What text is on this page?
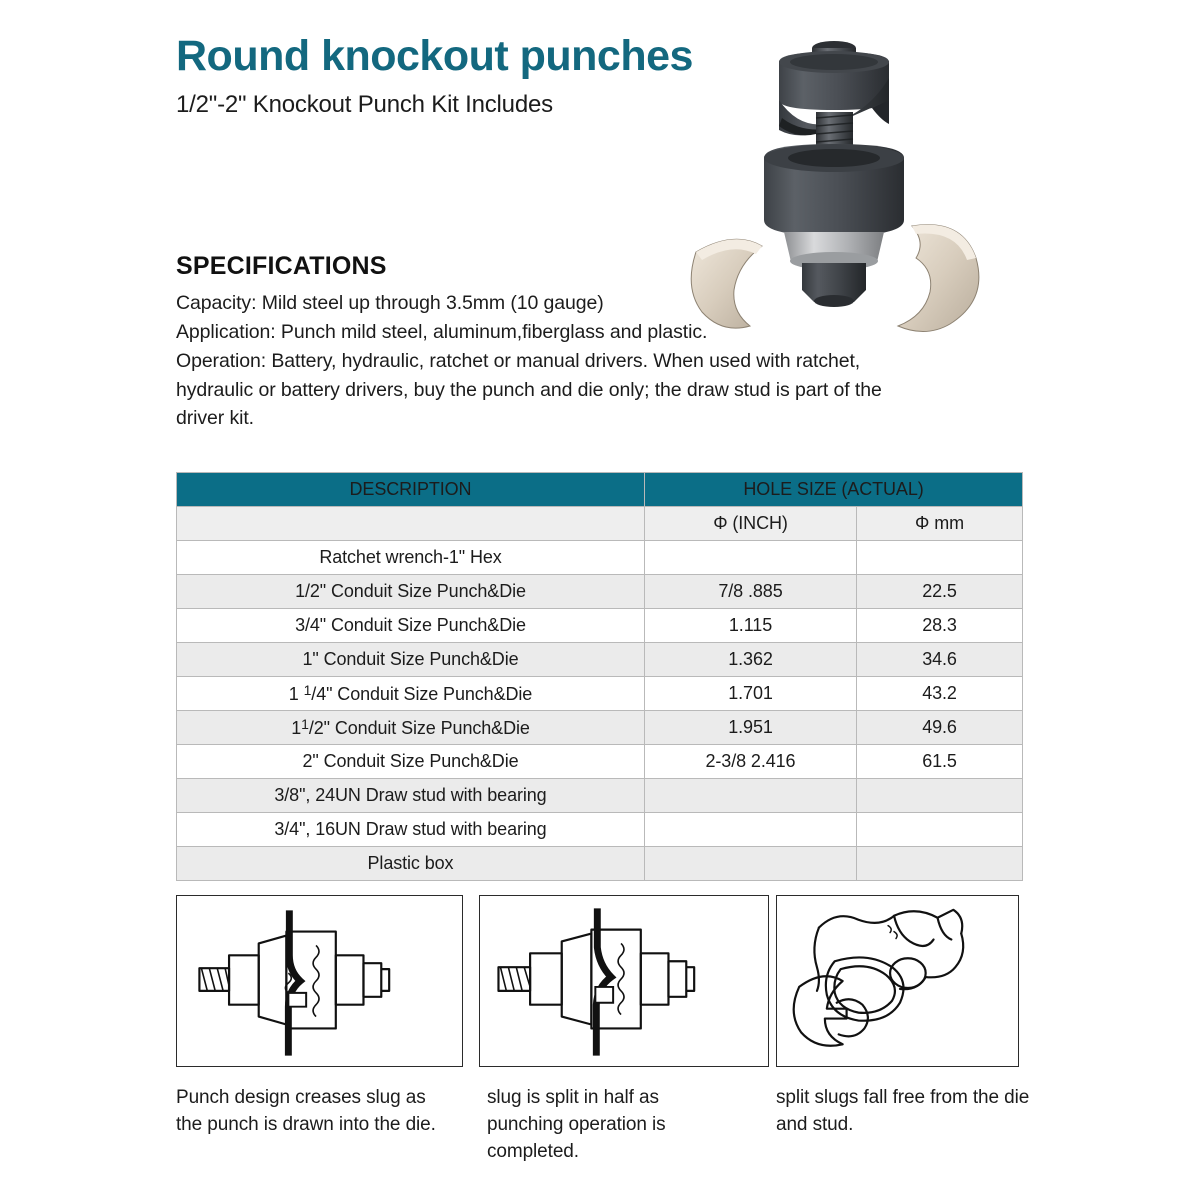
Round knockout punches
1/2"-2" Knockout Punch Kit Includes
SPECIFICATIONS
Capacity: Mild steel up through 3.5mm (10 gauge)
Application: Punch mild steel, aluminum,fiberglass and plastic.
Operation: Battery, hydraulic, ratchet or manual drivers. When used with ratchet, hydraulic or battery drivers, buy the punch and die only; the draw stud is part of the driver kit.
DESCRIPTION	HOLE SIZE (ACTUAL)	
	Φ (INCH)	Φ mm
Ratchet wrench-1" Hex		
1/2" Conduit Size Punch&Die	7/8 .885	22.5
3/4" Conduit Size Punch&Die	1.115	28.3
1" Conduit Size Punch&Die	1.362	34.6
1 $^1$/4" Conduit Size Punch&Die	1.701	43.2
$1^1/2$" Conduit Size Punch&Die	1.951	49.6
2" Conduit Size Punch&Die	2-3/8 2.416	61.5
3/8", 24UN Draw stud with bearing		
3/4", 16UN Draw stud with bearing		
Plastic box		
Punch design creases slug as the punch is drawn into the die.
slug is split in half as punching operation is completed.
split slugs fall free from the die and stud.
